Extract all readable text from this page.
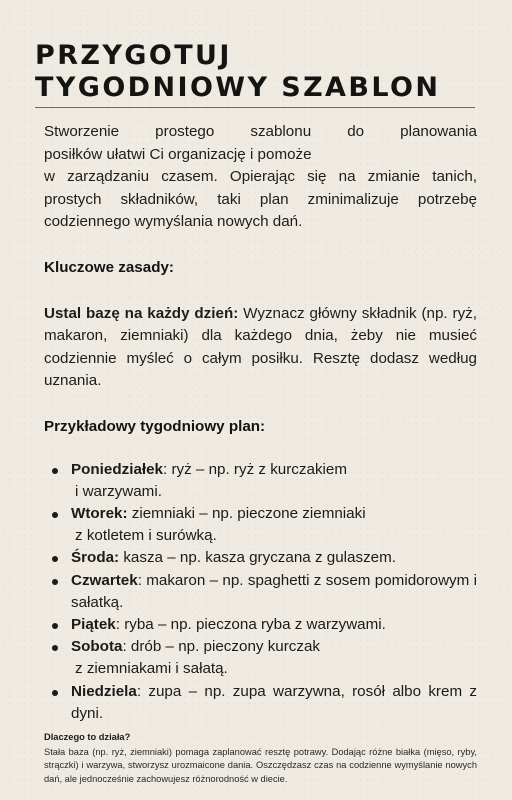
PRZYGOTUJ
TYGODNIOWY SZABLON

Stworzenie prostego szablonu do planowania
posiłków ułatwi Ci organizację i pomoże
w zarządzaniu czasem. Opierając się na zmianie tanich, prostych składników, taki plan zminimalizuje potrzebę codziennego wymyślania nowych dań.

Kluczowe zasady:

Ustal bazę na każdy dzień: Wyznacz główny składnik (np. ryż, makaron, ziemniaki) dla każdego dnia, żeby nie musieć codziennie myśleć o całym posiłku. Resztę dodasz według uznania.

Przykładowy tygodniowy plan:

Poniedziałek: ryż – np. ryż z kurczakiem
i warzywami.
Wtorek: ziemniaki – np. pieczone ziemniaki
z kotletem i surówką.
Środa: kasza – np. kasza gryczana z gulaszem.
Czwartek: makaron – np. spaghetti z sosem pomidorowym i sałatką.
Piątek: ryba – np. pieczona ryba z warzywami.
Sobota: drób – np. pieczony kurczak
z ziemniakami i sałatą.
Niedziela: zupa – np. zupa warzywna, rosół albo krem z dyni.

Dlaczego to działa?

Stała baza (np. ryż, ziemniaki) pomaga zaplanować resztę potrawy. Dodając różne białka (mięso, ryby, strączki) i warzywa, stworzysz urozmaicone dania. Oszczędzasz czas na codzienne wymyślanie nowych dań, ale jednocześnie zachowujesz różnorodność w diecie.
